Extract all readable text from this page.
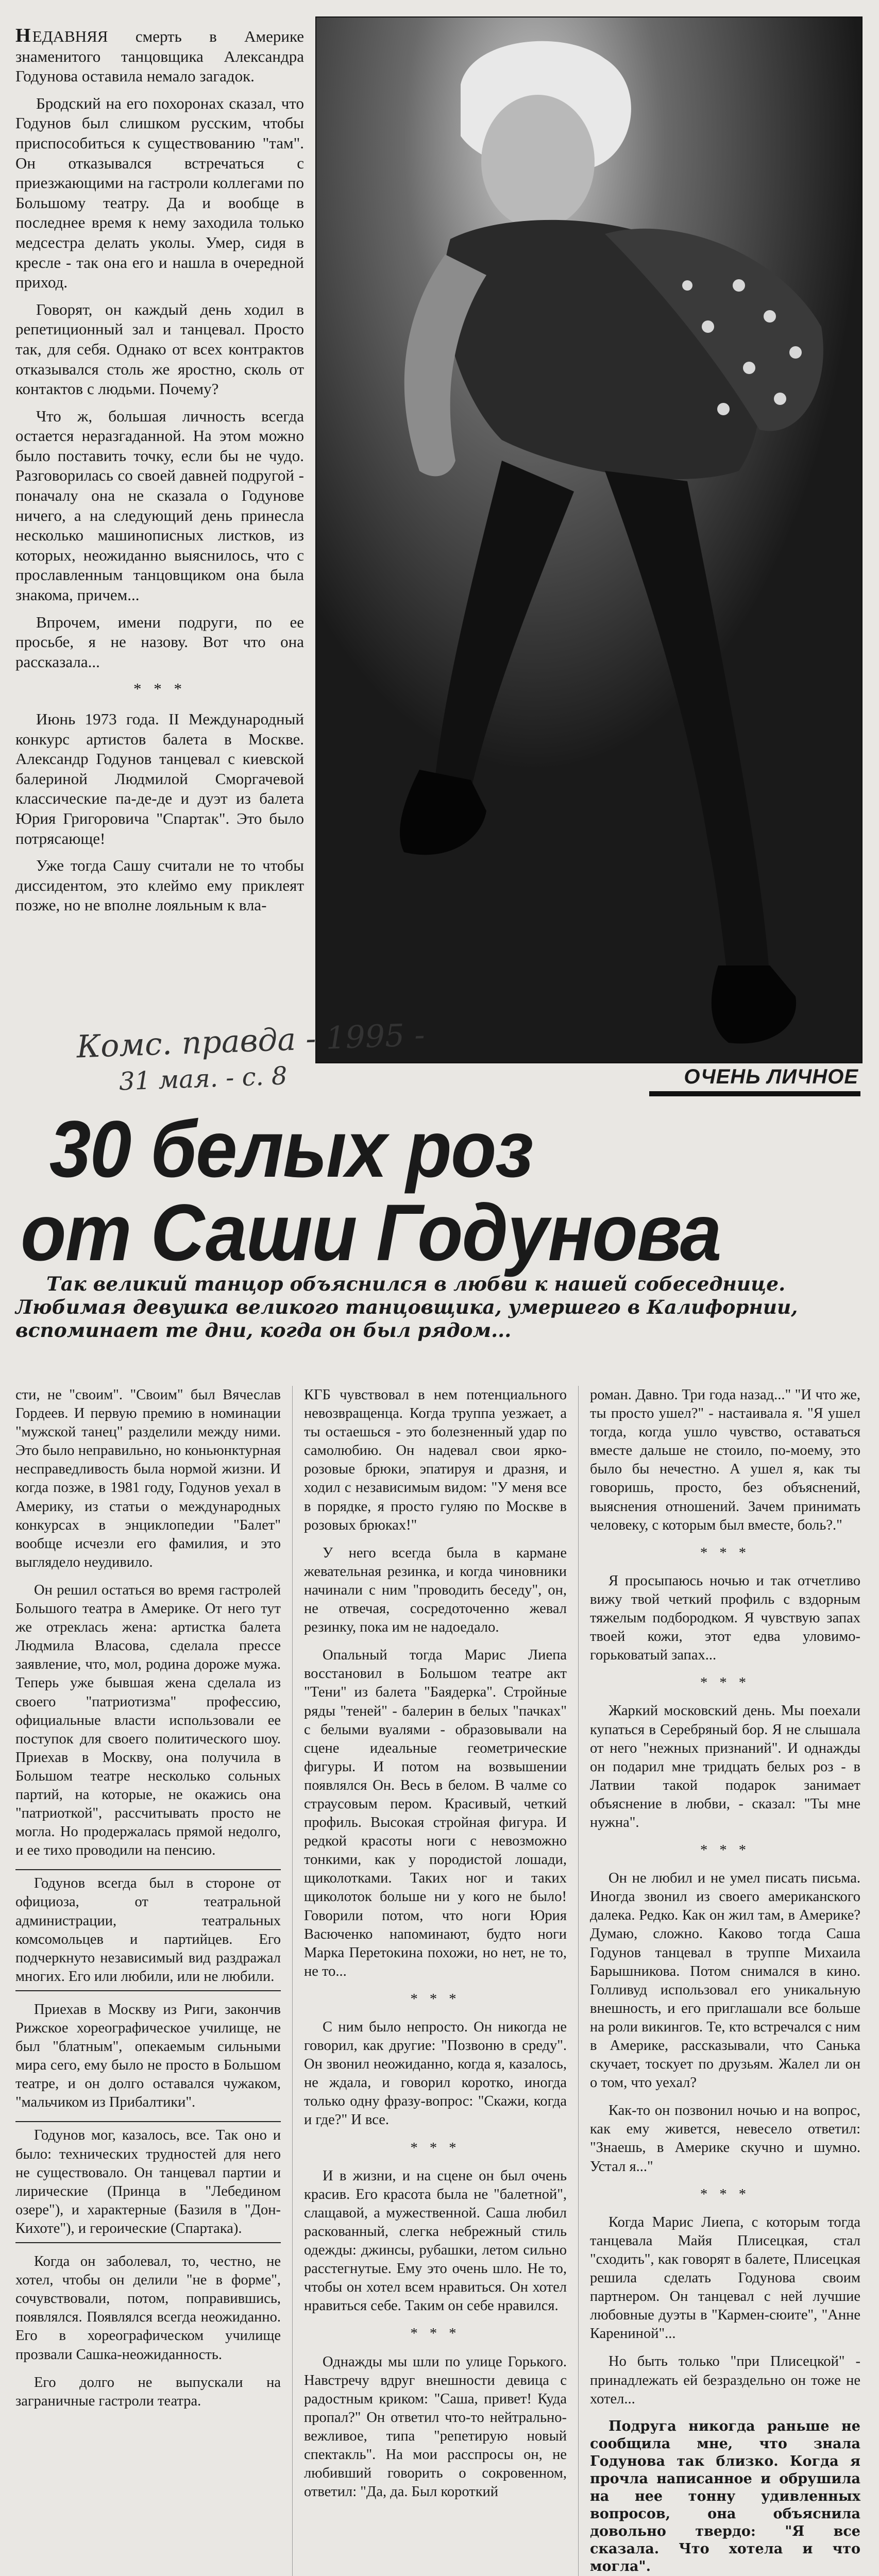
НЕДАВНЯЯ смерть в Америке знаменитого танцовщика Александра Годунова оставила немало загадок.

Бродский на его похоронах сказал, что Годунов был слишком русским, чтобы приспособиться к существованию "там". Он отказывался встречаться с приезжающими на гастроли коллегами по Большому театру. Да и вообще в последнее время к нему заходила только медсестра делать уколы. Умер, сидя в кресле - так она его и нашла в очередной приход.

Говорят, он каждый день ходил в репетиционный зал и танцевал. Просто так, для себя. Однако от всех контрактов отказывался столь же яростно, сколь от контактов с людьми. Почему?

Что ж, большая личность всегда остается неразгаданной. На этом можно было поставить точку, если бы не чудо. Разговорилась со своей давней подругой - поначалу она не сказала о Годунове ничего, а на следующий день принесла несколько машинописных листков, из которых, неожиданно выяснилось, что с прославленным танцовщиком она была знакома, причем...

Впрочем, имени подруги, по ее просьбе, я не назову. Вот что она рассказала...

* * *

Июнь 1973 года. II Международный конкурс артистов балета в Москве. Александр Годунов танцевал с киевской балериной Людмилой Смоpгачевой классические па-де-де и дуэт из балета Юрия Григоровича "Спартак". Это было потрясающе!

Уже тогда Сашу считали не то чтобы диссидентом, это клеймо ему приклеят позже, но не вполне лояльным к вла-

Комс. правда - 1995 -
31 мая. - с. 8	ОЧЕНЬ ЛИЧНОЕ
30 белых роз
от Саши Годунова

Так великий танцор объяснился в любви к нашей собеседнице. Любимая девушка великого танцовщика, умершего в Калифорнии, вспоминает те дни, когда он был рядом...

сти, не "своим". "Своим" был Вячеслав Гордеев. И первую премию в номинации "мужской танец" разделили между ними. Это было неправильно, но коньюнктурная несправедливость была нормой жизни. И когда позже, в 1981 году, Годунов уехал в Америку, из статьи о международных конкурсах в энциклопедии "Балет" вообще исчезли его фамилия, и это выглядело неудивило.

Он решил остаться во время гастролей Большого театра в Америке. От него тут же отреклась жена: артистка балета Людмила Власова, сделала прессе заявление, что, мол, родина дороже мужа. Теперь уже бывшая жена сделала из своего "патриотизма" профессию, официальные власти использовали ее поступок для своего политического шоу. Приехав в Москву, она получила в Большом театре несколько сольных партий, на которые, не окажись она "патриоткой", рассчитывать просто не могла. Но продержалась прямой недолго, и ее тихо проводили на пенсию.

Годунов всегда был в стороне от официоза, от театральной администрации, театральных комсомольцев и партийцев. Его подчеркнуто независимый вид раздражал многих. Его или любили, или не любили.

Приехав в Москву из Риги, закончив Рижское хореографическое училище, не был "блатным", опекаемым сильными мира сего, ему было не просто в Большом театре, и он долго оставался чужаком, "мальчиком из Прибалтики".

Годунов мог, казалось, все. Так оно и было: технических трудностей для него не существовало. Он танцевал партии и лирические (Принца в "Лебедином озере"), и характерные (Базиля в "Дон-Кихоте"), и героические (Спартака).

Когда он заболевал, то, честно, не хотел, чтобы он делили "не в форме", сочувствовали, потом, поправившись, появлялся. Появлялся всегда неожиданно. Его в хореографическом училище прозвали Сашка-неожиданность.

Его долго не выпускали на заграничные гастроли театра.

КГБ чувствовал в нем потенциального невозвращенца. Когда труппа уезжает, а ты остаешься - это болезненный удар по самолюбию. Он надевал свои ярко-розовые брюки, эпатируя и дразня, и ходил с независимым видом: "У меня все в порядке, я просто гуляю по Москве в розовых брюках!"

У него всегда была в кармане жевательная резинка, и когда чиновники начинали с ним "проводить беседу", он, не отвечая, сосредоточенно жевал резинку, пока им не надоедало.

Опальный тогда Марис Лиепа восстановил в Большом театре акт "Тени" из балета "Баядерка". Стройные ряды "теней" - балерин в белых "пачках" с белыми вуалями - образовывали на сцене идеальные геометрические фигуры. И потом на возвышении появлялся Он. Весь в белом. В чалме со страусовым пером. Красивый, четкий профиль. Высокая стройная фигура. И редкой красоты ноги с невозможно тонкими, как у породистой лошади, щиколотками. Таких ног и таких щиколоток больше ни у кого не было! Говорили потом, что ноги Юрия Васюченко напоминают, будто ноги Марка Перетокина похожи, но нет, не то, не то...

* * *

С ним было непросто. Он никогда не говорил, как другие: "Позвоню в среду". Он звонил неожиданно, когда я, казалось, не ждала, и говорил коротко, иногда только одну фразу-вопрос: "Скажи, когда и где?" И все.

* * *

И в жизни, и на сцене он был очень красив. Его красота была не "балетной", слащавой, а мужественной. Саша любил раскованный, слегка небрежный стиль одежды: джинсы, рубашки, летом сильно расстегнутые. Ему это очень шло. Не то, чтобы он хотел всем нравиться. Он хотел нравиться себе. Таким он себе нравился.

* * *

Однажды мы шли по улице Горького. Навстречу вдруг внешности девица с радостным криком: "Саша, привет! Куда пропал?" Он ответил что-то нейтрально-вежливое, типа "репетирую новый спектакль". На мои расспросы он, не любивший говорить о сокровенном, ответил: "Да, да. Был короткий

роман. Давно. Три года назад..." "И что же, ты просто ушел?" - настаивала я. "Я ушел тогда, когда ушло чувство, оставаться вместе дальше не стоило, по-моему, это было бы нечестно. А ушел я, как ты говоришь, просто, без объяснений, выяснения отношений. Зачем принимать человеку, с которым был вместе, боль?."

* * *

Я просыпаюсь ночью и так отчетливо вижу твой четкий профиль с вздорным тяжелым подбородком. Я чувствую запах твоей кожи, этот едва уловимо-горьковатый запах...

* * *

Жаркий московский день. Мы поехали купаться в Серебряный бор. Я не слышала от него "нежных признаний". И однажды он подарил мне тридцать белых роз - в Латвии такой подарок занимает объяснение в любви, - сказал: "Ты мне нужна".

* * *

Он не любил и не умел писать письма. Иногда звонил из своего американского далека. Редко. Как он жил там, в Америке? Думаю, сложно. Каково тогда Саша Годунов танцевал в труппе Михаила Барышникова. Потом снимался в кино. Голливуд использовал его уникальную внешность, и его приглашали все больше на роли викингов. Те, кто встречался с ним в Америке, рассказывали, что Санька скучает, тоскует по друзьям. Жалел ли он о том, что уехал?

Как-то он позвонил ночью и на вопрос, как ему живется, невесело ответил: "Знаешь, в Америке скучно и шумно. Устал я..."

* * *

Когда Марис Лиепа, с которым тогда танцевала Майя Плисецкая, стал "сходить", как говорят в балете, Плисецкая решила сделать Годунова своим партнером. Он танцевал с ней лучшие любовные дуэты в "Кармен-сюите", "Анне Карениной"...

Но быть только "при Плисецкой" - принадлежать ей безраздельно он тоже не хотел...

Подруга никогда раньше не сообщила мне, что знала Годунова так близко. Когда я прочла написанное и обрушила на нее тонну удивленных вопросов, она объяснила довольно твердо: "Я все сказала. Что хотела и что могла".
